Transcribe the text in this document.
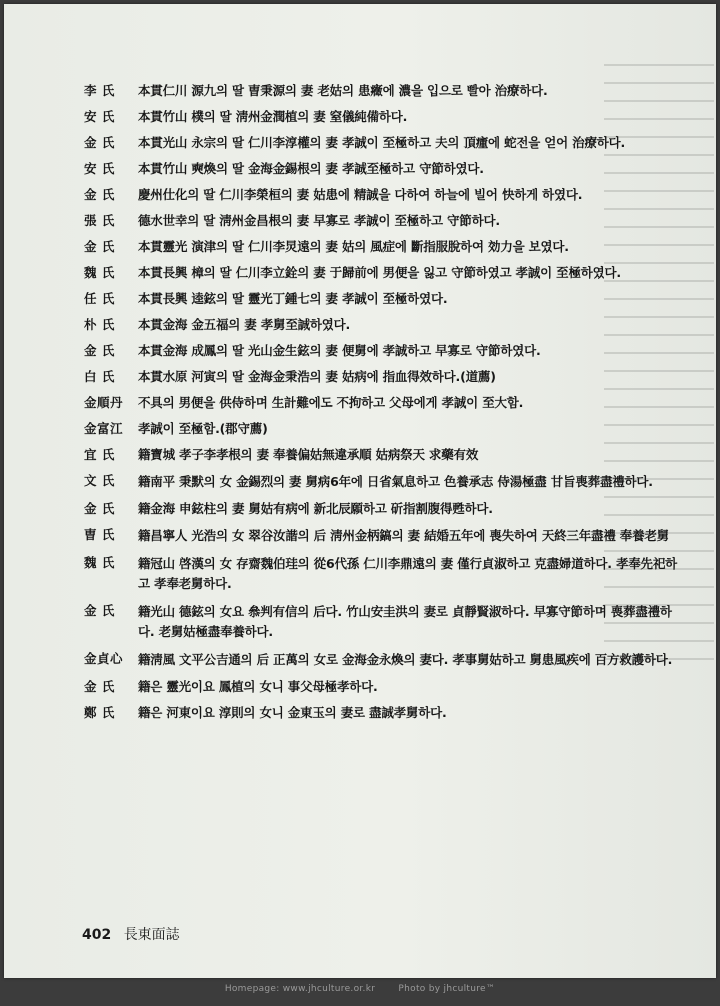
李 氏	本貫仁川 源九의 딸 曺秉源의 妻 老姑의 患癥에 濃을 입으로 빨아 治療하다.
安 氏	本貫竹山 樸의 딸 淸州金潤植의 妻 窒儀純備하다.
金 氏	本貫光山 永宗의 딸 仁川李淳權의 妻 孝誠이 至極하고 夫의 頂瘇에 蛇전을 얻어 治療하다.
安 氏	本貫竹山 奭煥의 딸 金海金錫根의 妻 孝誠至極하고 守節하였다.
金 氏	慶州仕化의 딸 仁川李榮桓의 妻 姑患에 精誠을 다하여 하늘에 빌어 快하게 하였다.
張 氏	德水世幸의 딸 淸州金昌根의 妻 早寡로 孝誠이 至極하고 守節하다.
金 氏	本貫靈光 演津의 딸 仁川李炅遠의 妻 姑의 風症에 斷指服脫하여 効力을 보였다.
魏 氏	本貫長興 樟의 딸 仁川李立銓의 妻 于歸前에 男便을 잃고 守節하였고 孝誠이 至極하였다.
任 氏	本貫長興 逵鉉의 딸 靈光丁鍾七의 妻 孝誠이 至極하였다.
朴 氏	本貫金海 金五福의 妻 孝舅至誠하였다.
金 氏	本貫金海 成鳳의 딸 光山金生鉉의 妻 便舅에 孝誠하고 早寡로 守節하였다.
白 氏	本貫水原 河寅의 딸 金海金秉浩의 妻 姑病에 指血得效하다.(道薦)
金順丹	不具의 男便을 供侍하며 生計難에도 不拘하고 父母에게 孝誠이 至大함.
金富江	孝誠이 至極함.(郡守薦)
宜 氏	籍寶城 孝子李孝根의 妻 奉養偏姑無違承順 姑病祭天 求藥有效
文 氏	籍南平 秉默의 女 金錫烈의 妻 舅病6年에 日省氣息하고 色養承志 侍湯極盡 甘旨喪葬盡禮하다.
金 氏	籍金海 申鉉柱의 妻 舅姑有病에 新北辰願하고 斫指割腹得甦하다.
曺 氏	籍昌寧人 光浩의 女 翠谷汝諧의 后 淸州金柄鎬의 妻 結婚五年에 喪失하여 天終三年盡禮 奉養老舅
魏 氏	籍冠山 啓漢의 女 存齋魏伯珪의 從6代孫 仁川李鼎遠의 妻 僅行貞淑하고 克盡婦道하다. 孝奉先祀하고 孝奉老舅하다.
金 氏	籍光山 德鉉의 女요 叅判有信의 后다. 竹山安圭洪의 妻로 貞靜賢淑하다. 早寡守節하며 喪葬盡禮하다. 老舅姑極盡奉養하다.
金貞心	籍淸風 文平公吉通의 后 正萬의 女로 金海金永煥의 妻다. 孝事舅姑하고 舅患風疾에 百方救護하다.
金 氏	籍은 靈光이요 鳳植의 女니 事父母極孝하다.
鄭 氏	籍은 河東이요 淳則의 女니 金東玉의 妻로 盡誠孝舅하다.
402 長東面誌
Homepage: www.jhculture.or.kr	Photo by jhculture™
